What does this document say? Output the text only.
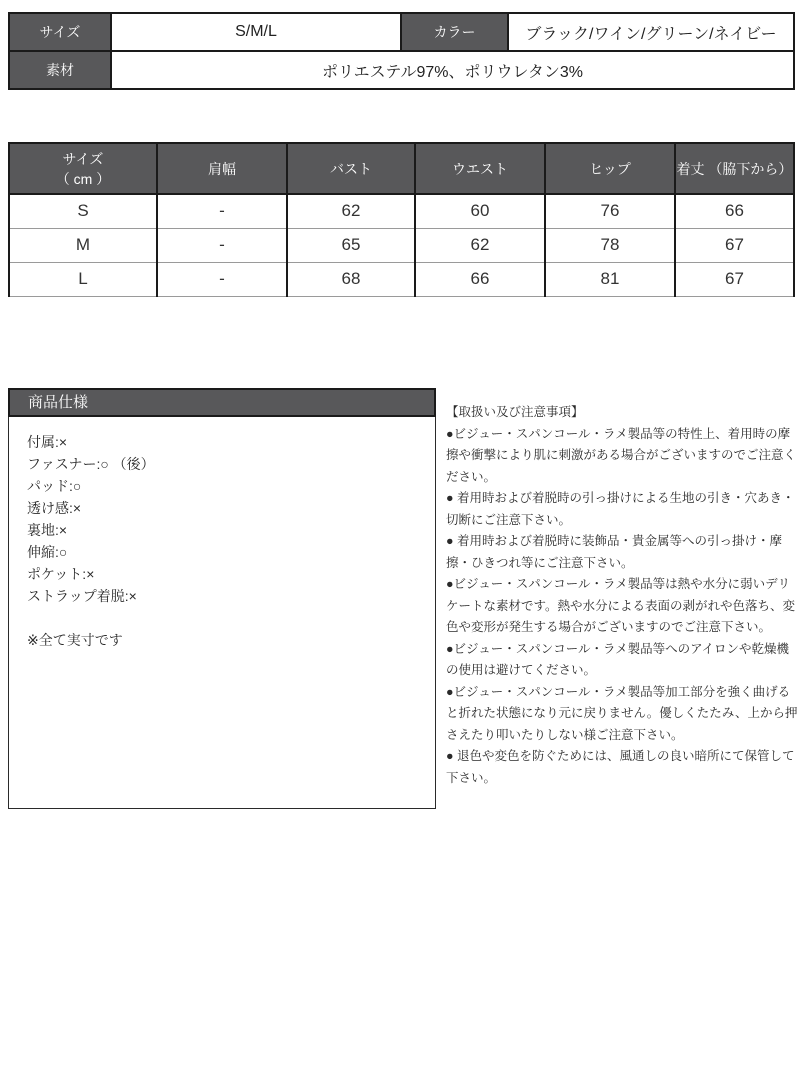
サイズ	S/M/L	カラー	ブラック/ワイン/グリーン/ネイビー
素材	ポリエステル97%、ポリウレタン3%		
サイズ
（ cm ）	肩幅	バスト	ウエスト	ヒップ	着丈 （脇下から）
S	-	62	60	76	66
M	-	65	62	78	67
L	-	68	66	81	67
商品仕様
付属:×
ファスナー:○ （後）
パッド:○
透け感:×
裏地:×
伸縮:○
ポケット:×
ストラップ着脱:×
※全て実寸です

【取扱い及び注意事項】

●ビジュー・スパンコール・ラメ製品等の特性上、着用時の摩擦や衝撃により肌に刺激がある場合がございますのでご注意ください。

● 着用時および着脱時の引っ掛けによる生地の引き・穴あき・切断にご注意下さい。

● 着用時および着脱時に装飾品・貴金属等への引っ掛け・摩擦・ひきつれ等にご注意下さい。

●ビジュー・スパンコール・ラメ製品等は熱や水分に弱いデリケートな素材です。熱や水分による表面の剥がれや色落ち、変色や変形が発生する場合がございますのでご注意下さい。

●ビジュー・スパンコール・ラメ製品等へのアイロンや乾燥機の使用は避けてください。

●ビジュー・スパンコール・ラメ製品等加工部分を強く曲げると折れた状態になり元に戻りません。優しくたたみ、上から押さえたり叩いたりしない様ご注意下さい。

● 退色や変色を防ぐためには、風通しの良い暗所にて保管して下さい。
